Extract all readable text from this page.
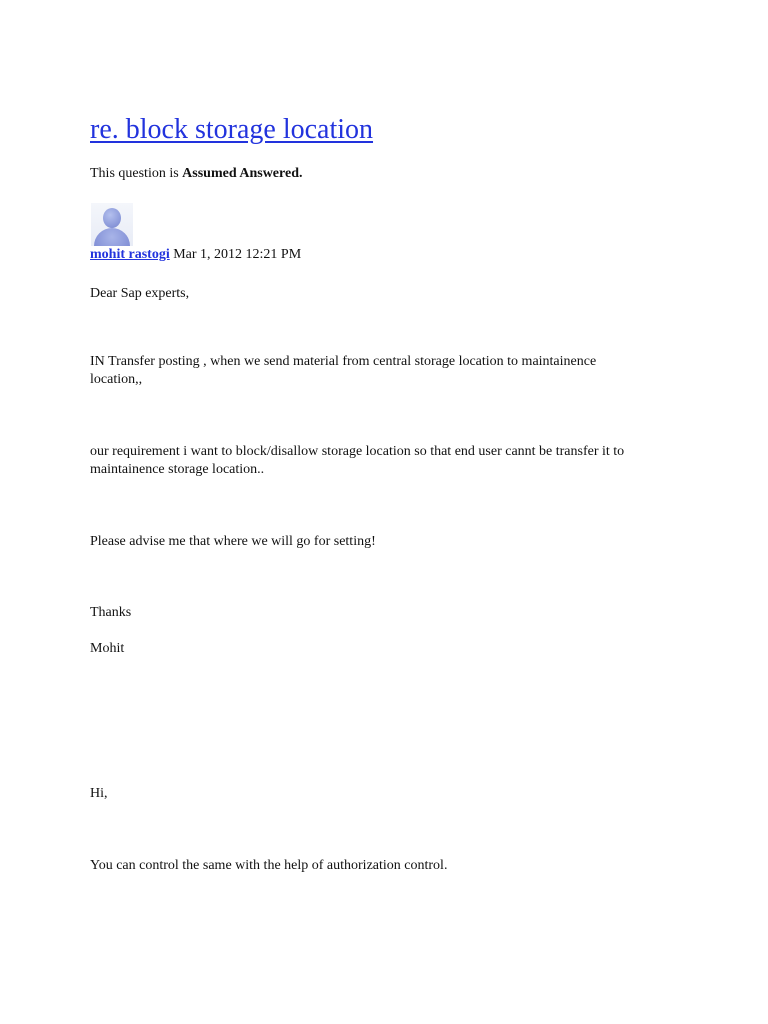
re. block storage location
This question is Assumed Answered.
mohit rastogi Mar 1, 2012 12:21 PM

Dear Sap experts,

IN Transfer posting , when we send material from central storage location to maintainence location,,

our requirement i want to block/disallow storage location so that end user cannt be transfer it to maintainence storage location..

Please advise me that where we will go for setting!

Thanks

Mohit

Hi,

You can control the same with the help of authorization control.
